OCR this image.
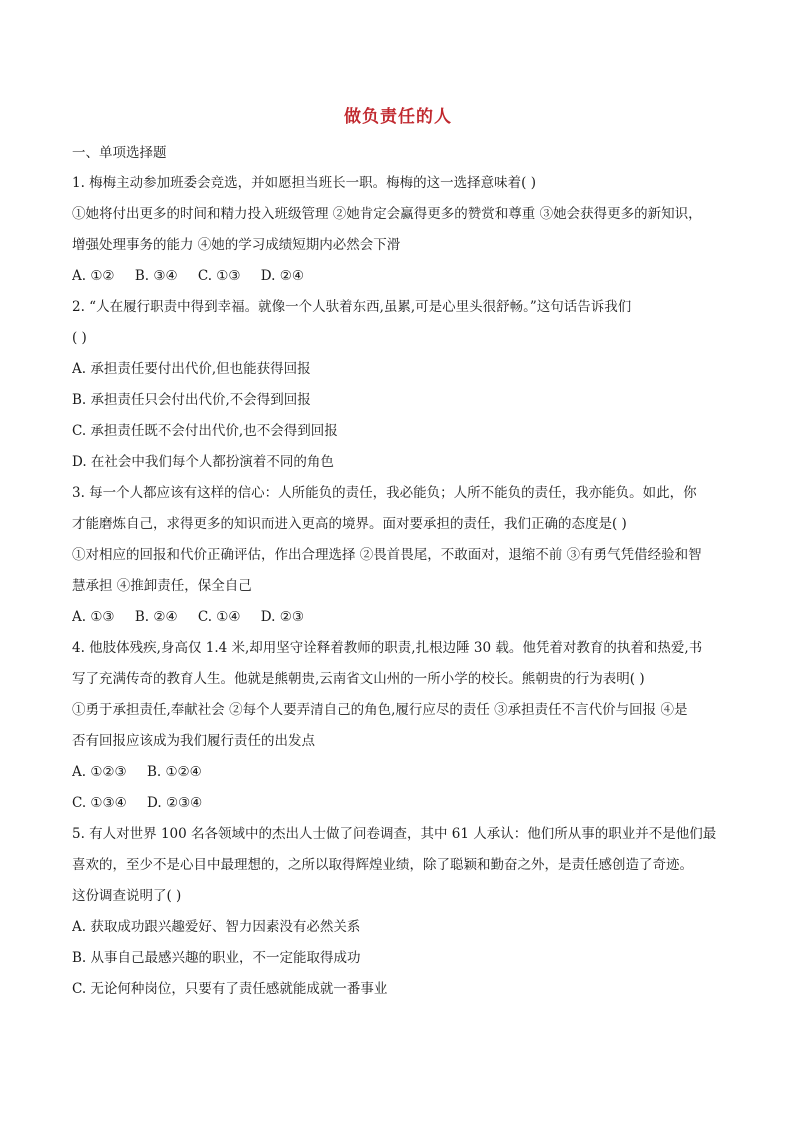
做负责任的人
一、单项选择题
1. 梅梅主动参加班委会竞选，并如愿担当班长一职。梅梅的这一选择意味着( )
①她将付出更多的时间和精力投入班级管理 ②她肯定会赢得更多的赞赏和尊重 ③她会获得更多的新知识，
增强处理事务的能力 ④她的学习成绩短期内必然会下滑
A. ①② B. ③④ C. ①③ D. ②④
2. “人在履行职责中得到幸福。就像一个人驮着东西,虽累,可是心里头很舒畅。”这句话告诉我们
( )
A. 承担责任要付出代价,但也能获得回报
B. 承担责任只会付出代价,不会得到回报
C. 承担责任既不会付出代价,也不会得到回报
D. 在社会中我们每个人都扮演着不同的角色
3. 每一个人都应该有这样的信心：人所能负的责任，我必能负；人所不能负的责任，我亦能负。如此，你
才能磨炼自己，求得更多的知识而进入更高的境界。面对要承担的责任，我们正确的态度是( )
①对相应的回报和代价正确评估，作出合理选择 ②畏首畏尾，不敢面对，退缩不前 ③有勇气凭借经验和智
慧承担 ④推卸责任，保全自己
A. ①③ B. ②④ C. ①④ D. ②③
4. 他肢体残疾,身高仅 1.4 米,却用坚守诠释着教师的职责,扎根边陲 30 载。他凭着对教育的执着和热爱,书
写了充满传奇的教育人生。他就是熊朝贵,云南省文山州的一所小学的校长。熊朝贵的行为表明( )
①勇于承担责任,奉献社会 ②每个人要弄清自己的角色,履行应尽的责任 ③承担责任不言代价与回报 ④是
否有回报应该成为我们履行责任的出发点
A. ①②③ B. ①②④
C. ①③④ D. ②③④
5. 有人对世界 100 名各领域中的杰出人士做了问卷调查，其中 61 人承认：他们所从事的职业并不是他们最
喜欢的，至少不是心目中最理想的，之所以取得辉煌业绩，除了聪颖和勤奋之外，是责任感创造了奇迹。
这份调查说明了( )
A. 获取成功跟兴趣爱好、智力因素没有必然关系
B. 从事自己最感兴趣的职业，不一定能取得成功
C. 无论何种岗位，只要有了责任感就能成就一番事业
